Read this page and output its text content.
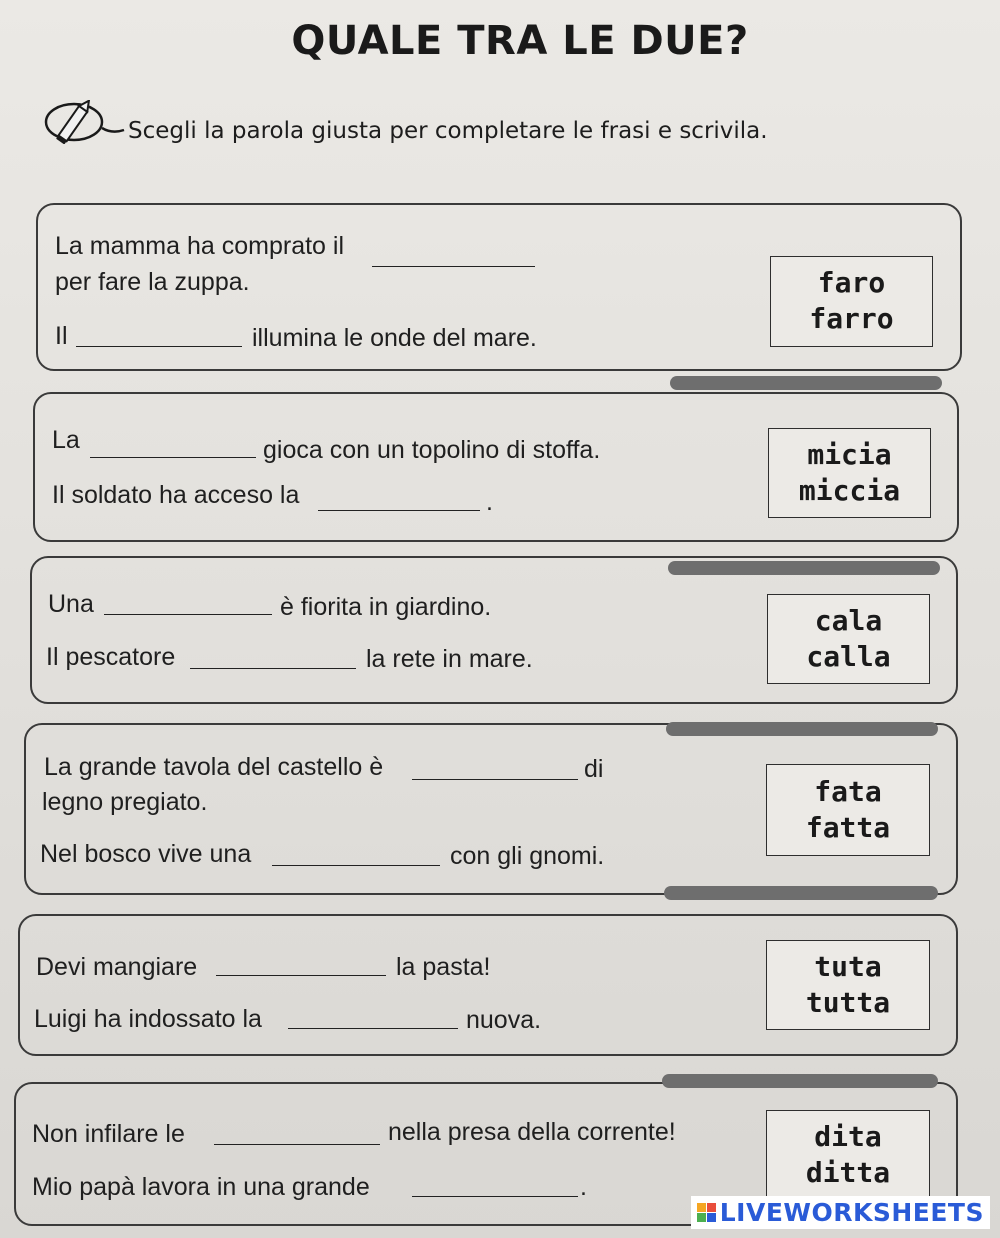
QUALE TRA LE DUE?
Scegli la parola giusta per completare le frasi e scrivila.
La mamma ha comprato il
per fare la zuppa.
Il	illumina le onde del mare.
faro
farro
La	gioca con un topolino di stoffa.
Il soldato ha acceso la	.
micia
miccia
Una	è fiorita in giardino.
Il pescatore	la rete in mare.
cala
calla
La grande tavola del castello è	di
legno pregiato.
Nel bosco vive una	con gli gnomi.
fata
fatta
Devi mangiare	la pasta!
Luigi ha indossato la	nuova.
tuta
tutta
Non infilare le	nella presa della corrente!
Mio papà lavora in una grande	.
dita
ditta
LIVEWORKSHEETS
